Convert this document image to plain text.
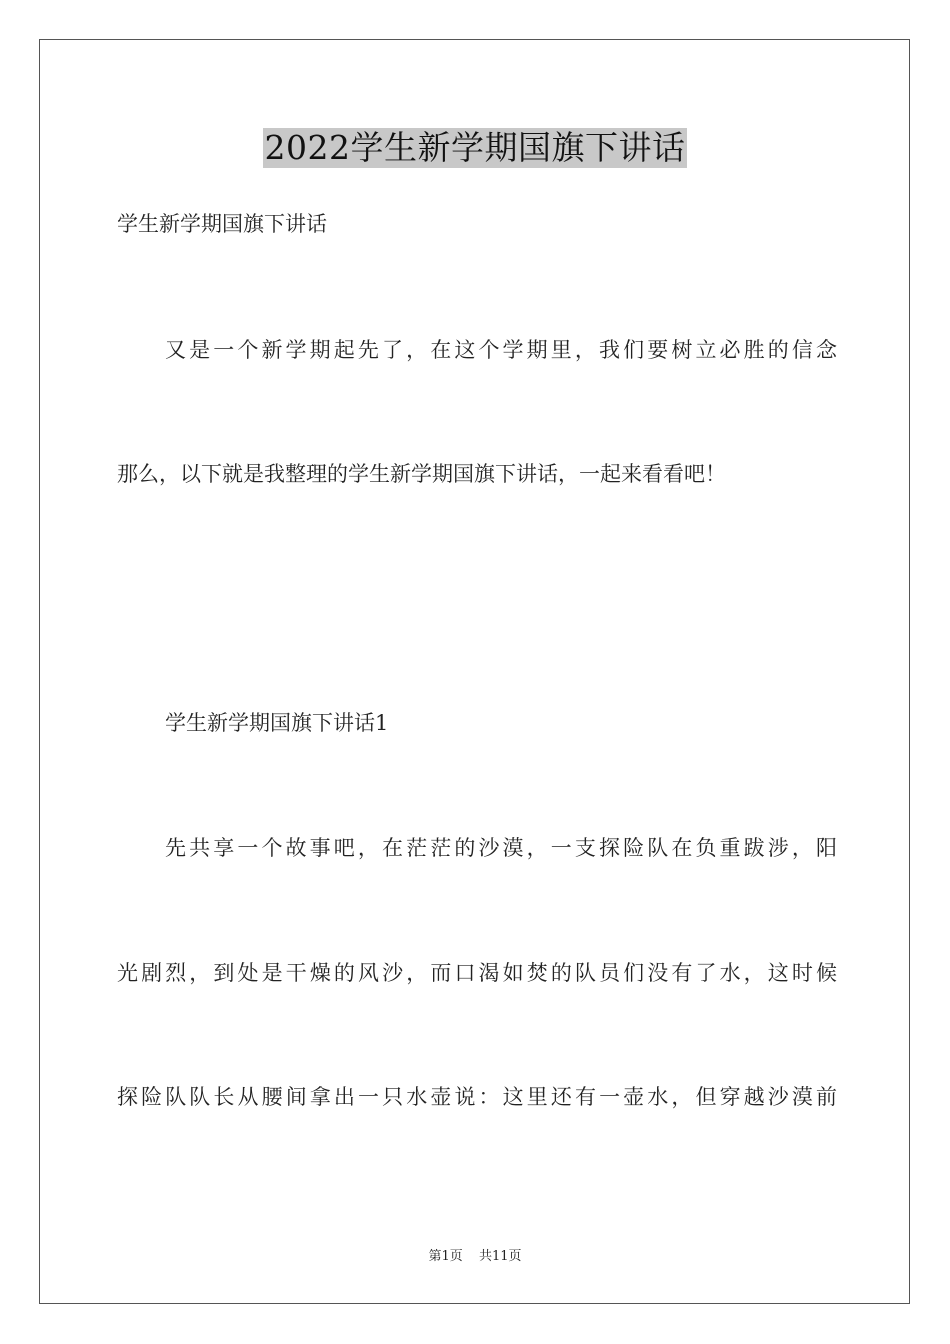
2022学生新学期国旗下讲话
学生新学期国旗下讲话
又是一个新学期起先了，在这个学期里，我们要树立必胜的信念
那么，以下就是我整理的学生新学期国旗下讲话，一起来看看吧！
学生新学期国旗下讲话1
先共享一个故事吧，在茫茫的沙漠，一支探险队在负重跋涉，阳
光剧烈，到处是干燥的风沙，而口渴如焚的队员们没有了水，这时候
探险队队长从腰间拿出一只水壶说：这里还有一壶水，但穿越沙漠前
第1页 共11页
